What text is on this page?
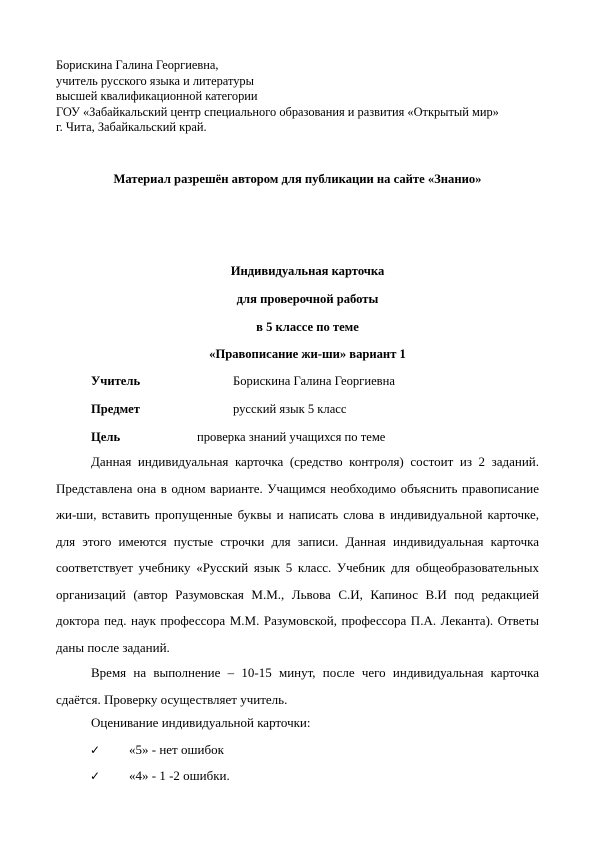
Борискина Галина Георгиевна,
учитель русского языка и литературы
высшей квалификационной категории
ГОУ «Забайкальский центр специального образования и развития «Открытый мир»
г. Чита, Забайкальский край.
Материал разрешён автором для публикации на сайте «Знанио»
Индивидуальная карточка
для проверочной работы
в 5 классе по теме
«Правописание жи-ши» вариант 1
Учитель	Борискина Галина Георгиевна
Предмет	русский язык 5 класс
Цель	проверка знаний учащихся по теме

Данная индивидуальная карточка (средство контроля) состоит из 2 заданий. Представлена она в одном варианте. Учащимся необходимо объяснить правописание жи-ши, вставить пропущенные буквы и написать слова в индивидуальной карточке, для этого имеются пустые строчки для записи. Данная индивидуальная карточка соответствует учебнику «Русский язык 5 класс. Учебник для общеобразовательных организаций (автор Разумовская М.М., Львова С.И, Капинос В.И под редакцией доктора пед. наук профессора М.М. Разумовской, профессора П.А. Леканта). Ответы даны после заданий.

Время на выполнение – 10-15 минут, после чего индивидуальная карточка сдаётся. Проверку осуществляет учитель.

Оценивание индивидуальной карточки:
✓ «5» - нет ошибок
✓ «4» - 1 -2 ошибки.
